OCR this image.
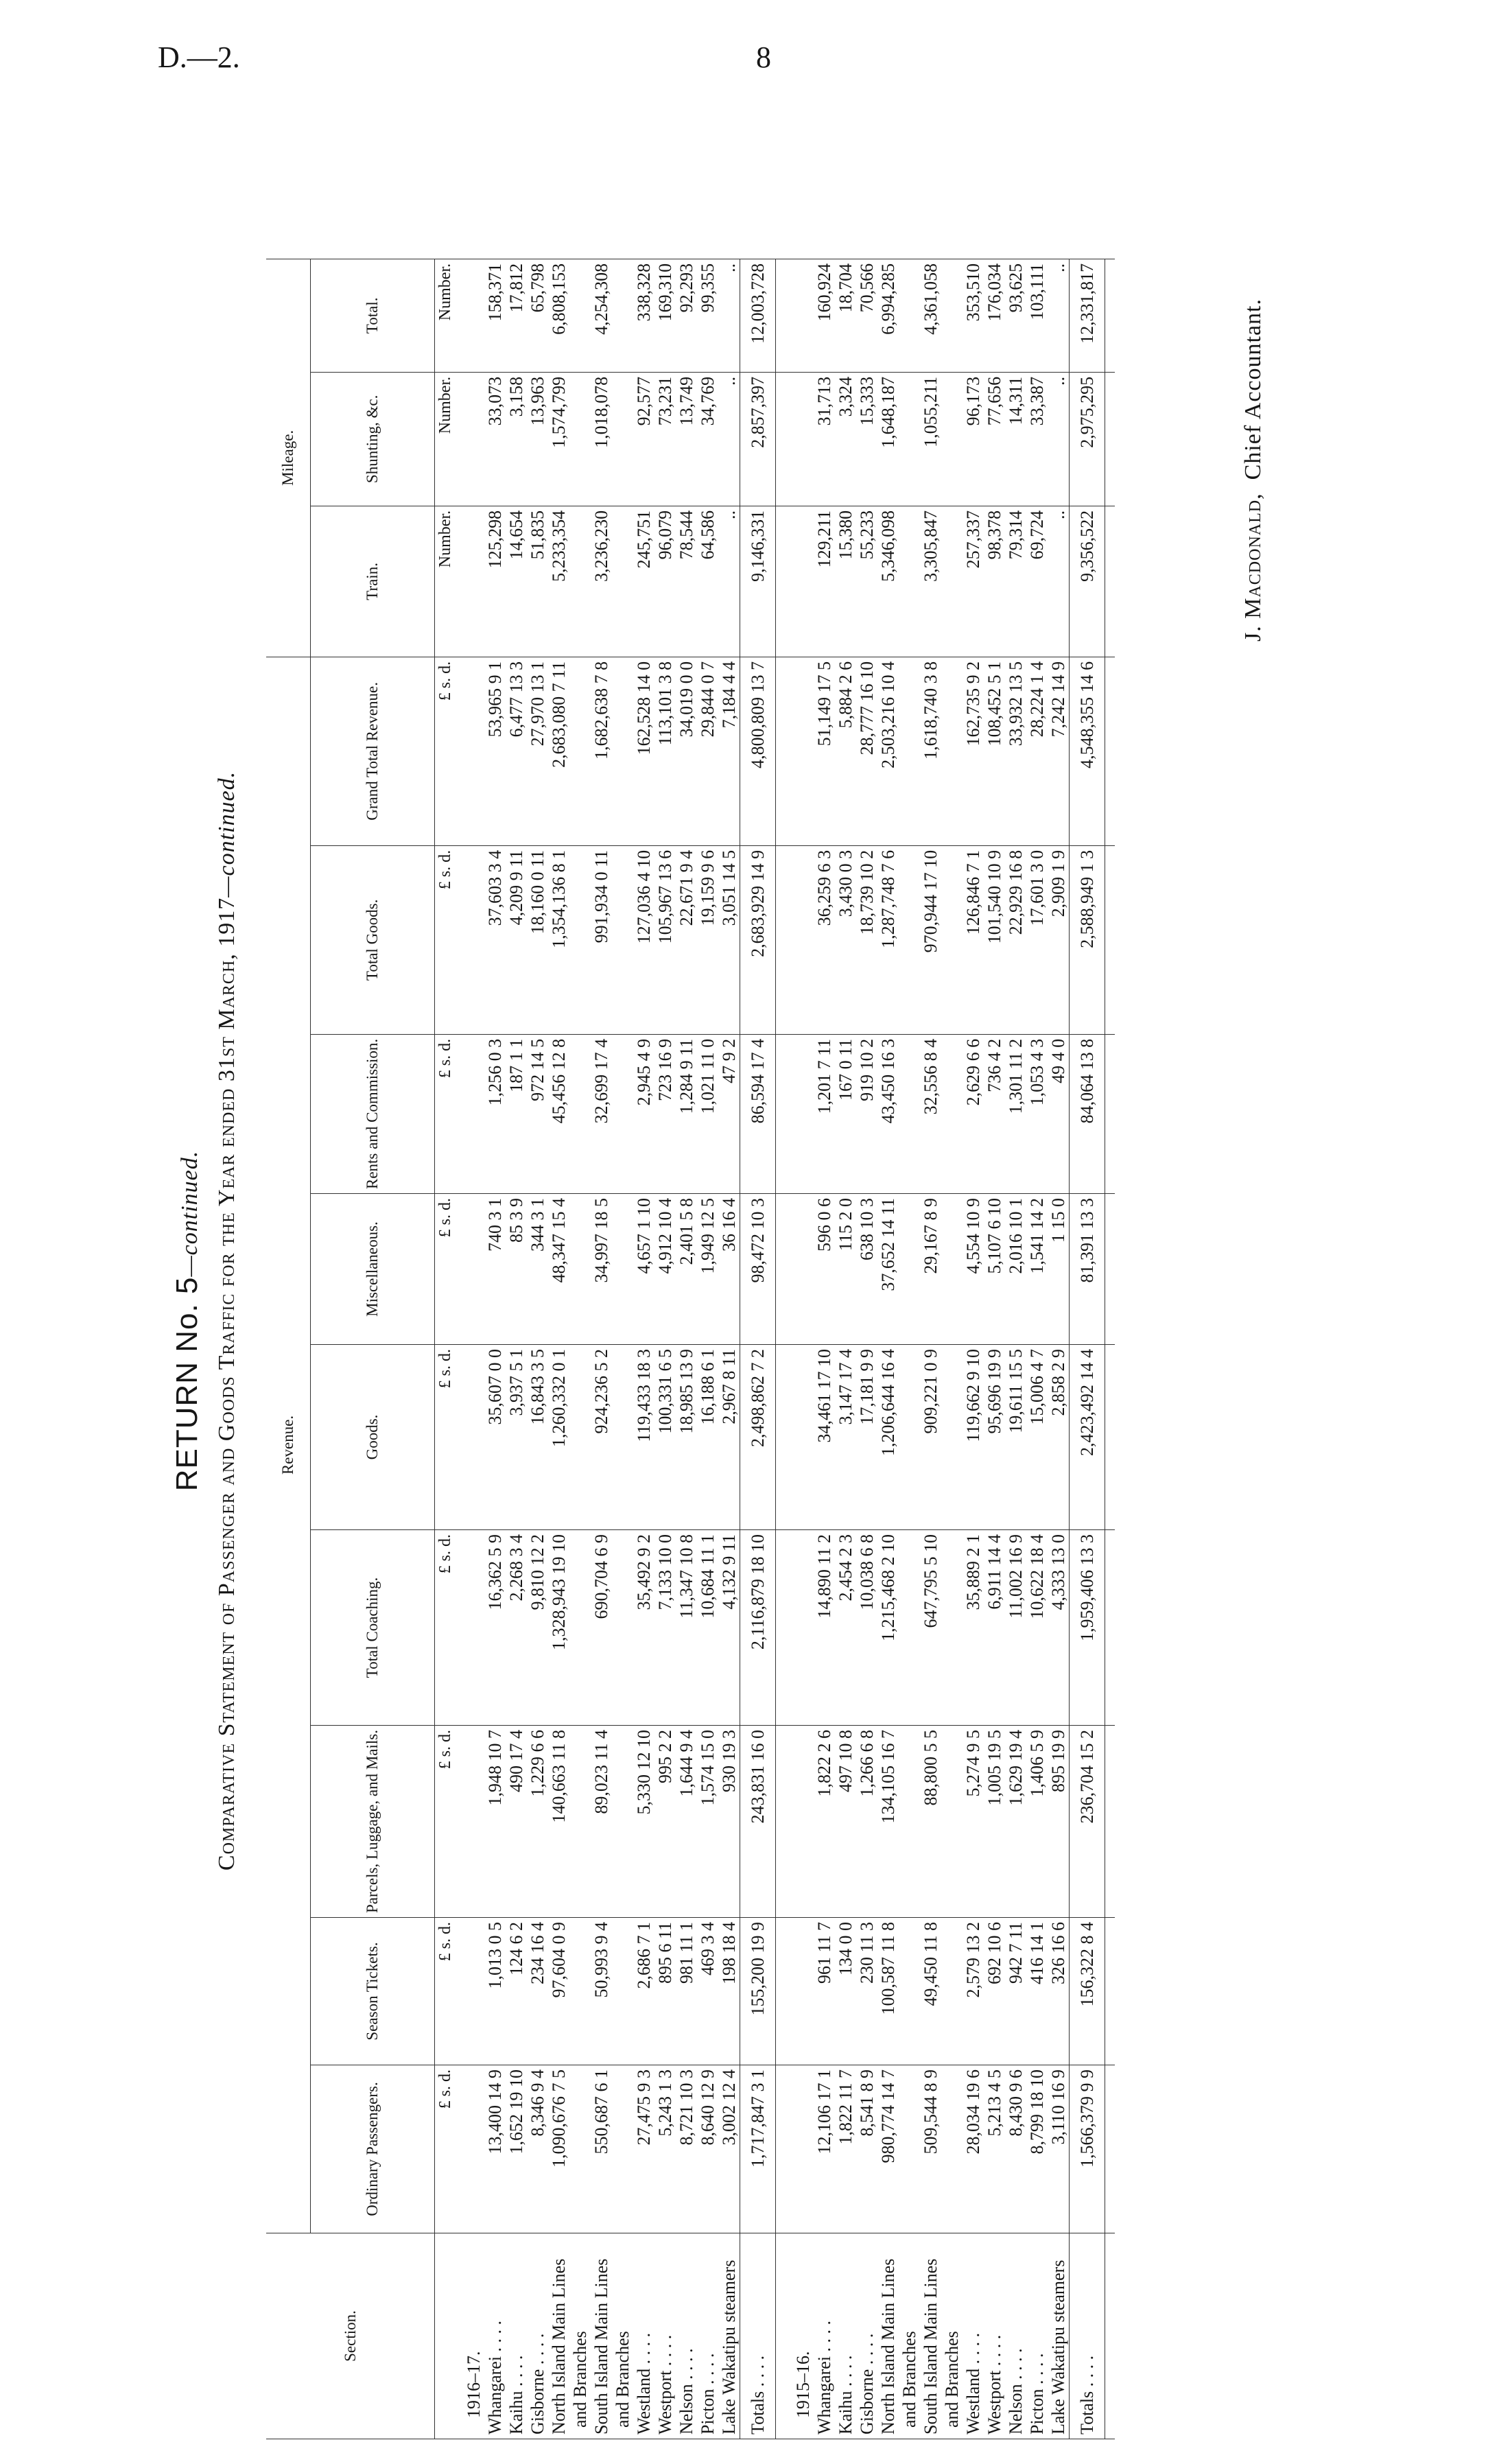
D.—2.	8
RETURN No. 5—continued. Comparative Statement of Passenger and Goods Traffic for the Year ended 31st March, 1917—continued.
Section.	Revenue.									Mileage.		
	Ordinary Passengers.	Season Tickets.	Parcels, Luggage, and Mails.	Total Coaching.	Goods.	Miscellaneous.	Rents and Commission.	Total Goods.	Grand Total Revenue.	Train.	Shunting, &c.	Total.
	£ s. d.	£ s. d.	£ s. d.	£ s. d.	£ s. d.	£ s. d.	£ s. d.	£ s. d.	£ s. d.	Number.	Number.	Number.
1916–17.												
Whangarei . . . .	13,400 14 9	1,013 0 5	1,948 10 7	16,362 5 9	35,607 0 0	740 3 1	1,256 0 3	37,603 3 4	53,965 9 1	125,298	33,073	158,371
Kaihu . . . .	1,652 19 10	124 6 2	490 17 4	2,268 3 4	3,937 5 1	85 3 9	187 1 1	4,209 9 11	6,477 13 3	14,654	3,158	17,812
Gisborne . . . .	8,346 9 4	234 16 4	1,229 6 6	9,810 12 2	16,843 3 5	344 3 1	972 14 5	18,160 0 11	27,970 13 1	51,835	13,963	65,798
North Island Main Lines	1,090,676 7 5	97,604 0 9	140,663 11 8	1,328,943 19 10	1,260,332 0 1	48,347 15 4	45,456 12 8	1,354,136 8 1	2,683,080 7 11	5,233,354	1,574,799	6,808,153
and Branches												
South Island Main Lines	550,687 6 1	50,993 9 4	89,023 11 4	690,704 6 9	924,236 5 2	34,997 18 5	32,699 17 4	991,934 0 11	1,682,638 7 8	3,236,230	1,018,078	4,254,308
and Branches												
Westland . . . .	27,475 9 3	2,686 7 1	5,330 12 10	35,492 9 2	119,433 18 3	4,657 1 10	2,945 4 9	127,036 4 10	162,528 14 0	245,751	92,577	338,328
Westport . . . .	5,243 1 3	895 6 11	995 2 2	7,133 10 0	100,331 6 5	4,912 10 4	723 16 9	105,967 13 6	113,101 3 8	96,079	73,231	169,310
Nelson . . . .	8,721 10 3	981 11 1	1,644 9 4	11,347 10 8	18,985 13 9	2,401 5 8	1,284 9 11	22,671 9 4	34,019 0 0	78,544	13,749	92,293
Picton . . . .	8,640 12 9	469 3 4	1,574 15 0	10,684 11 1	16,188 6 1	1,949 12 5	1,021 11 0	19,159 9 6	29,844 0 7	64,586	34,769	99,355
Lake Wakatipu steamers	3,002 12 4	198 18 4	930 19 3	4,132 9 11	2,967 8 11	36 16 4	47 9 2	3,051 14 5	7,184 4 4	..	..	..
Totals . . . .	1,717,847 3 1	155,200 19 9	243,831 16 0	2,116,879 18 10	2,498,862 7 2	98,472 10 3	86,594 17 4	2,683,929 14 9	4,800,809 13 7	9,146,331	2,857,397	12,003,728

1915–16.												
Whangarei . . . .	12,106 17 1	961 11 7	1,822 2 6	14,890 11 2	34,461 17 10	596 0 6	1,201 7 11	36,259 6 3	51,149 17 5	129,211	31,713	160,924
Kaihu . . . .	1,822 11 7	134 0 0	497 10 8	2,454 2 3	3,147 17 4	115 2 0	167 0 11	3,430 0 3	5,884 2 6	15,380	3,324	18,704
Gisborne . . . .	8,541 8 9	230 11 3	1,266 6 8	10,038 6 8	17,181 9 9	638 10 3	919 10 2	18,739 10 2	28,777 16 10	55,233	15,333	70,566
North Island Main Lines	980,774 14 7	100,587 11 8	134,105 16 7	1,215,468 2 10	1,206,644 16 4	37,652 14 11	43,450 16 3	1,287,748 7 6	2,503,216 10 4	5,346,098	1,648,187	6,994,285
and Branches												
South Island Main Lines	509,544 8 9	49,450 11 8	88,800 5 5	647,795 5 10	909,221 0 9	29,167 8 9	32,556 8 4	970,944 17 10	1,618,740 3 8	3,305,847	1,055,211	4,361,058
and Branches												
Westland . . . .	28,034 19 6	2,579 13 2	5,274 9 5	35,889 2 1	119,662 9 10	4,554 10 9	2,629 6 6	126,846 7 1	162,735 9 2	257,337	96,173	353,510
Westport . . . .	5,213 4 5	692 10 6	1,005 19 5	6,911 14 4	95,696 19 9	5,107 6 10	736 4 2	101,540 10 9	108,452 5 1	98,378	77,656	176,034
Nelson . . . .	8,430 9 6	942 7 11	1,629 19 4	11,002 16 9	19,611 15 5	2,016 10 1	1,301 11 2	22,929 16 8	33,932 13 5	79,314	14,311	93,625
Picton . . . .	8,799 18 10	416 14 1	1,406 5 9	10,622 18 4	15,006 4 7	1,541 14 2	1,053 4 3	17,601 3 0	28,224 1 4	69,724	33,387	103,111
Lake Wakatipu steamers	3,110 16 9	326 16 6	895 19 9	4,333 13 0	2,858 2 9	1 15 0	49 4 0	2,909 1 9	7,242 14 9	..	..	..
Totals . . . .	1,566,379 9 9	156,322 8 4	236,704 15 2	1,959,406 13 3	2,423,492 14 4	81,391 13 3	84,064 13 8	2,588,949 1 3	4,548,355 14 6	9,356,522	2,975,295	12,331,817

J. Macdonald,  Chief Accountant.
